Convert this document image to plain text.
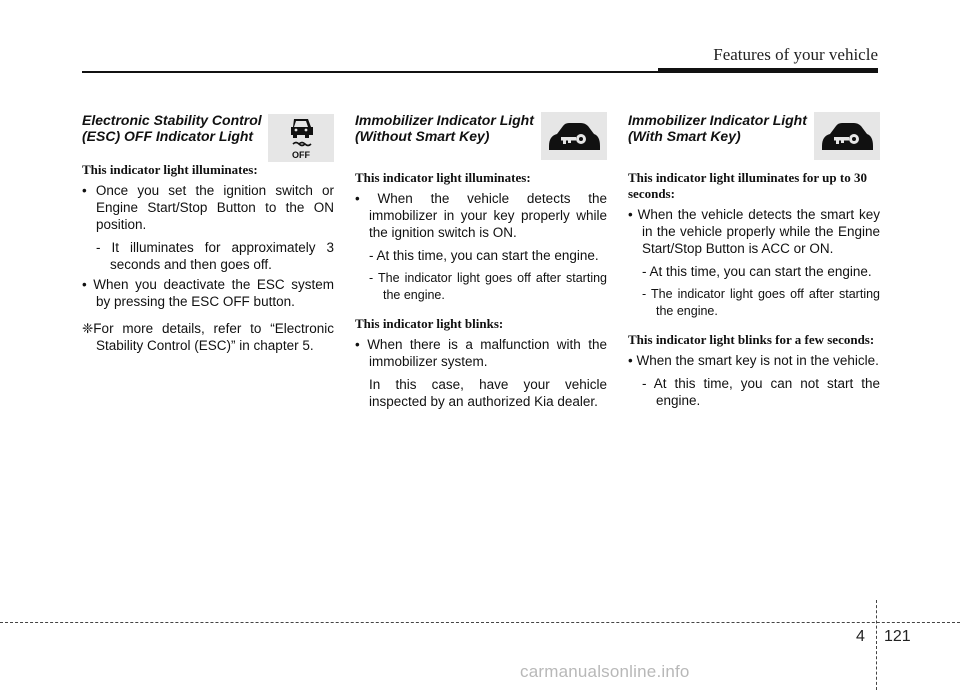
Features of your vehicle

Electronic Stability Control (ESC) OFF Indicator Light

OFF

This indicator light illuminates:

• Once you set the ignition switch or Engine Start/Stop Button to the ON position.

- It illuminates for approximately 3 seconds and then goes off.

• When you deactivate the ESC system by pressing the ESC OFF button.

❈For more details, refer to “Electronic Stability Control (ESC)” in chapter 5.

Immobilizer Indicator Light (Without Smart Key)

This indicator light illuminates:

• When the vehicle detects the immobilizer in your key properly while the ignition switch is ON.

- At this time, you can start the engine.

- The indicator light goes off after starting the engine.

This indicator light blinks:

• When there is a malfunction with the immobilizer system.

In this case, have your vehicle inspected by an authorized Kia dealer.

Immobilizer Indicator Light (With Smart Key)

This indicator light illuminates for up to 30 seconds:

• When the vehicle detects the smart key in the vehicle properly while the Engine Start/Stop Button is ACC or ON.

- At this time, you can start the engine.

- The indicator light goes off after starting the engine.

This indicator light blinks for a few seconds:

• When the smart key is not in the vehicle.

- At this time, you can not start the engine.

4 121
carmanualsonline.info
